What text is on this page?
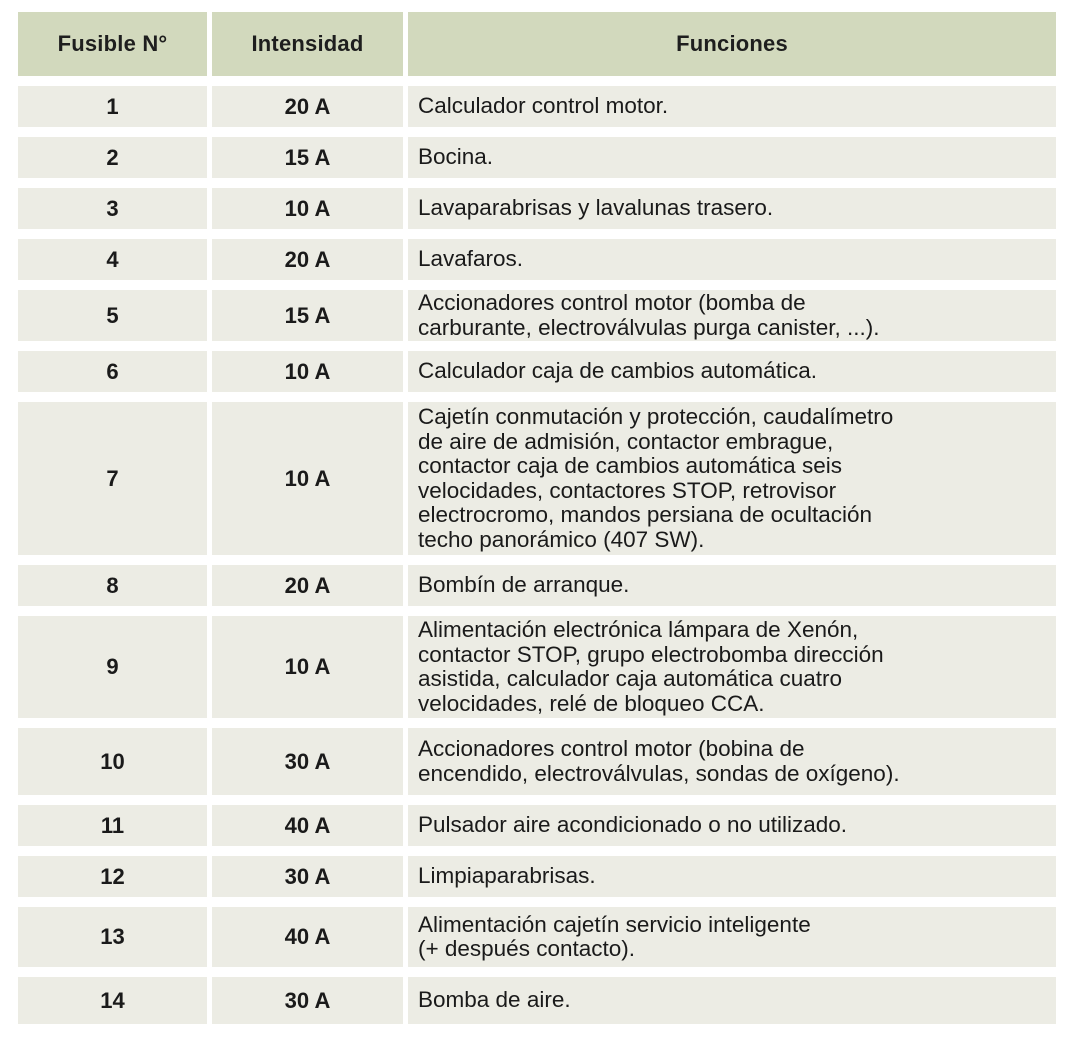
Fusible N°	Intensidad	Funciones
1	20 A	Calculador control motor.
2	15 A	Bocina.
3	10 A	Lavaparabrisas y lavalunas trasero.
4	20 A	Lavafaros.
5	15 A	Accionadores control motor (bomba de
carburante, electroválvulas purga canister, ...).
6	10 A	Calculador caja de cambios automática.
7	10 A
Cajetín conmutación y protección, caudalímetro
de aire de admisión, contactor embrague,
contactor caja de cambios automática seis
velocidades, contactores STOP, retrovisor
electrocromo, mandos persiana de ocultación
techo panorámico (407 SW).
8	20 A	Bombín de arranque.
9	10 A
Alimentación electrónica lámpara de Xenón,
contactor STOP, grupo electrobomba dirección
asistida, calculador caja automática cuatro
velocidades, relé de bloqueo CCA.
10	30 A	Accionadores control motor (bobina de
encendido, electroválvulas, sondas de oxígeno).
11	40 A	Pulsador aire acondicionado o no utilizado.
12	30 A	Limpiaparabrisas.
13	40 A	Alimentación cajetín servicio inteligente
(+ después contacto).
14	30 A	Bomba de aire.
